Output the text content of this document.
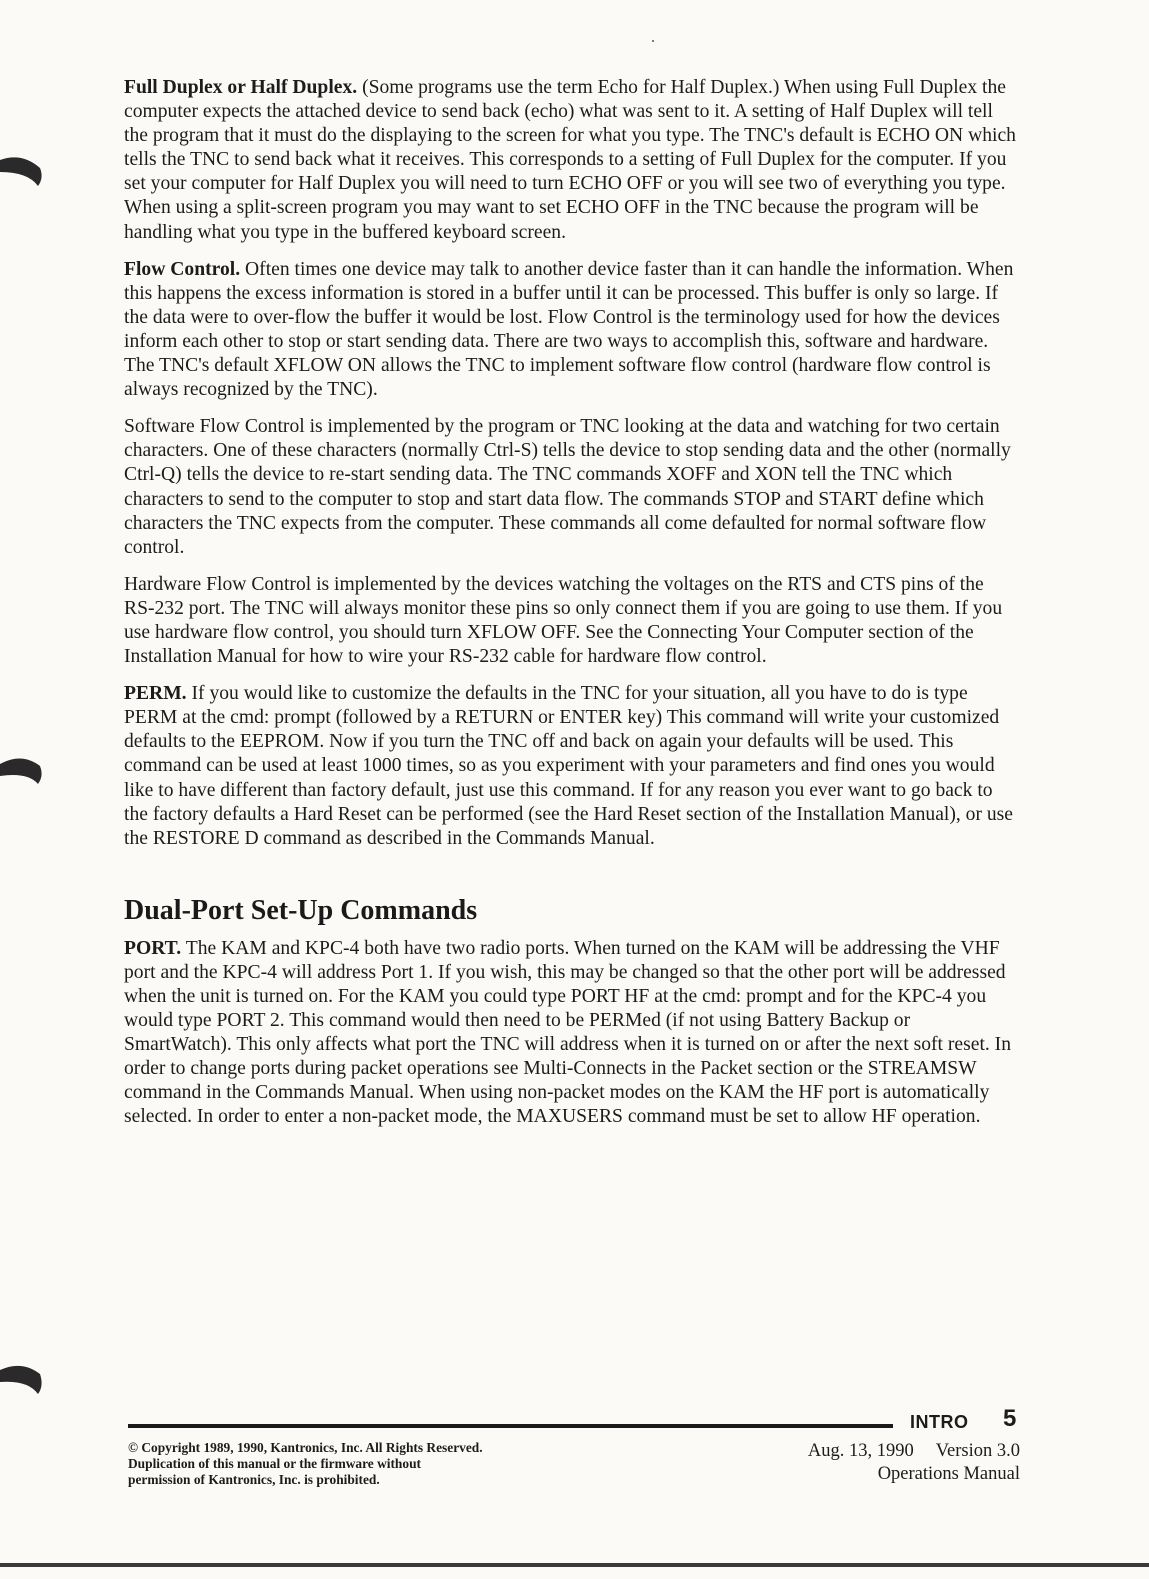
Full Duplex or Half Duplex. (Some programs use the term Echo for Half Duplex.) When using Full Duplex the computer expects the attached device to send back (echo) what was sent to it. A setting of Half Duplex will tell the program that it must do the displaying to the screen for what you type. The TNC's default is ECHO ON which tells the TNC to send back what it receives. This corresponds to a setting of Full Duplex for the computer. If you set your computer for Half Duplex you will need to turn ECHO OFF or you will see two of everything you type. When using a split-screen program you may want to set ECHO OFF in the TNC because the program will be handling what you type in the buffered keyboard screen.

Flow Control. Often times one device may talk to another device faster than it can handle the information. When this happens the excess information is stored in a buffer until it can be processed. This buffer is only so large. If the data were to over-flow the buffer it would be lost. Flow Control is the terminology used for how the devices inform each other to stop or start sending data. There are two ways to accomplish this, software and hardware. The TNC's default XFLOW ON allows the TNC to implement software flow control (hardware flow control is always recognized by the TNC).

Software Flow Control is implemented by the program or TNC looking at the data and watching for two certain characters. One of these characters (normally Ctrl-S) tells the device to stop sending data and the other (normally Ctrl-Q) tells the device to re-start sending data. The TNC commands XOFF and XON tell the TNC which characters to send to the computer to stop and start data flow. The commands STOP and START define which characters the TNC expects from the computer. These commands all come defaulted for normal software flow control.

Hardware Flow Control is implemented by the devices watching the voltages on the RTS and CTS pins of the RS-232 port. The TNC will always monitor these pins so only connect them if you are going to use them. If you use hardware flow control, you should turn XFLOW OFF. See the Connecting Your Computer section of the Installation Manual for how to wire your RS-232 cable for hardware flow control.

PERM. If you would like to customize the defaults in the TNC for your situation, all you have to do is type PERM at the cmd: prompt (followed by a RETURN or ENTER key) This command will write your customized defaults to the EEPROM. Now if you turn the TNC off and back on again your defaults will be used. This command can be used at least 1000 times, so as you experiment with your parameters and find ones you would like to have different than factory default, just use this command. If for any reason you ever want to go back to the factory defaults a Hard Reset can be performed (see the Hard Reset section of the Installation Manual), or use the RESTORE D command as described in the Commands Manual.

Dual-Port Set-Up Commands

PORT. The KAM and KPC-4 both have two radio ports. When turned on the KAM will be addressing the VHF port and the KPC-4 will address Port 1. If you wish, this may be changed so that the other port will be addressed when the unit is turned on. For the KAM you could type PORT HF at the cmd: prompt and for the KPC-4 you would type PORT 2. This command would then need to be PERMed (if not using Battery Backup or SmartWatch). This only affects what port the TNC will address when it is turned on or after the next soft reset. In order to change ports during packet operations see Multi-Connects in the Packet section or the STREAMSW command in the Commands Manual. When using non-packet modes on the KAM the HF port is automatically selected. In order to enter a non-packet mode, the MAXUSERS command must be set to allow HF operation.

INTRO 5
© Copyright 1989, 1990, Kantronics, Inc. All Rights Reserved.
Duplication of this manual or the firmware without
permission of Kantronics, Inc. is prohibited.
Aug. 13, 1990 Version 3.0
Operations Manual
